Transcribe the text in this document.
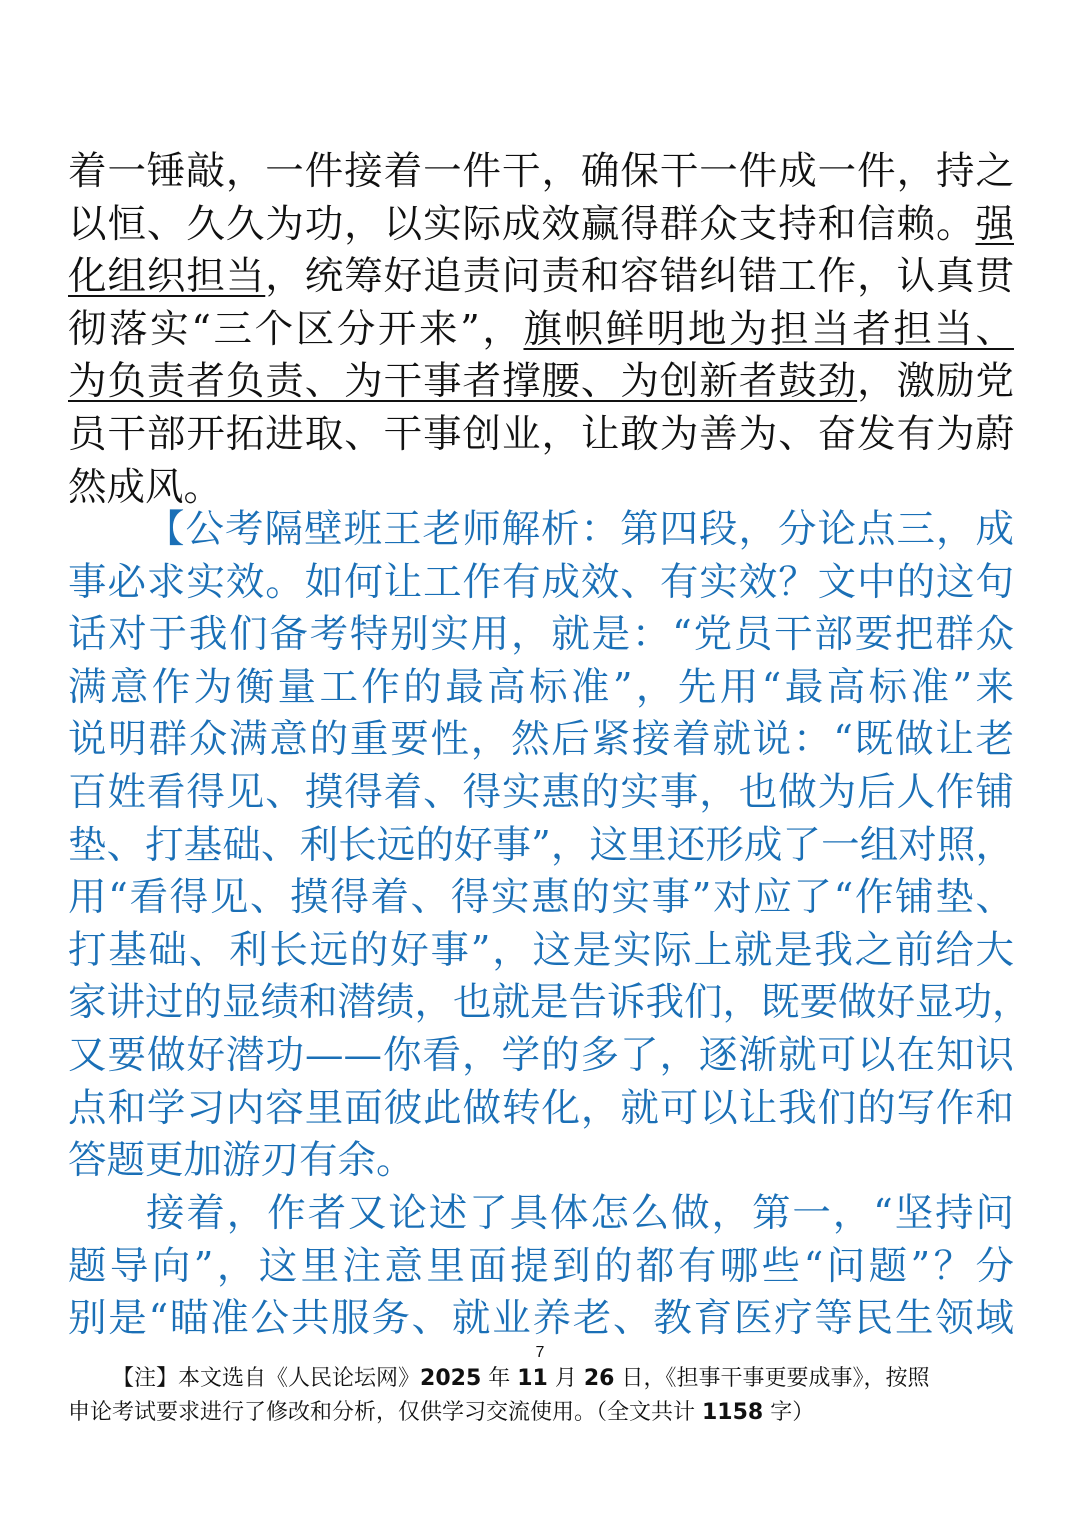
着一锤敲，一件接着一件干，确保干一件成一件，持之
以恒、久久为功，以实际成效赢得群众支持和信赖。强
化组织担当，统筹好追责问责和容错纠错工作，认真贯
彻落实“三个区分开来”，旗帜鲜明地为担当者担当、
为负责者负责、为干事者撑腰、为创新者鼓劲，激励党
员干部开拓进取、干事创业，让敢为善为、奋发有为蔚
然成风。
【公考隔壁班王老师解析：第四段，分论点三，成
事必求实效。如何让工作有成效、有实效？文中的这句
话对于我们备考特别实用，就是：“党员干部要把群众
满意作为衡量工作的最高标准”，先用“最高标准”来
说明群众满意的重要性，然后紧接着就说：“既做让老
百姓看得见、摸得着、得实惠的实事，也做为后人作铺
垫、打基础、利长远的好事”，这里还形成了一组对照，
用“看得见、摸得着、得实惠的实事”对应了“作铺垫、
打基础、利长远的好事”，这是实际上就是我之前给大
家讲过的显绩和潜绩，也就是告诉我们，既要做好显功，
又要做好潜功——你看，学的多了，逐渐就可以在知识
点和学习内容里面彼此做转化，就可以让我们的写作和
答题更加游刃有余。
接着，作者又论述了具体怎么做，第一，“坚持问
题导向”，这里注意里面提到的都有哪些“问题”？分
别是“瞄准公共服务、就业养老、教育医疗等民生领域
7
【注】本文选自《人民论坛网》2025 年 11 月 26 日，《担事干事更要成事》，按照
申论考试要求进行了修改和分析，仅供学习交流使用。（全文共计 1158 字）
